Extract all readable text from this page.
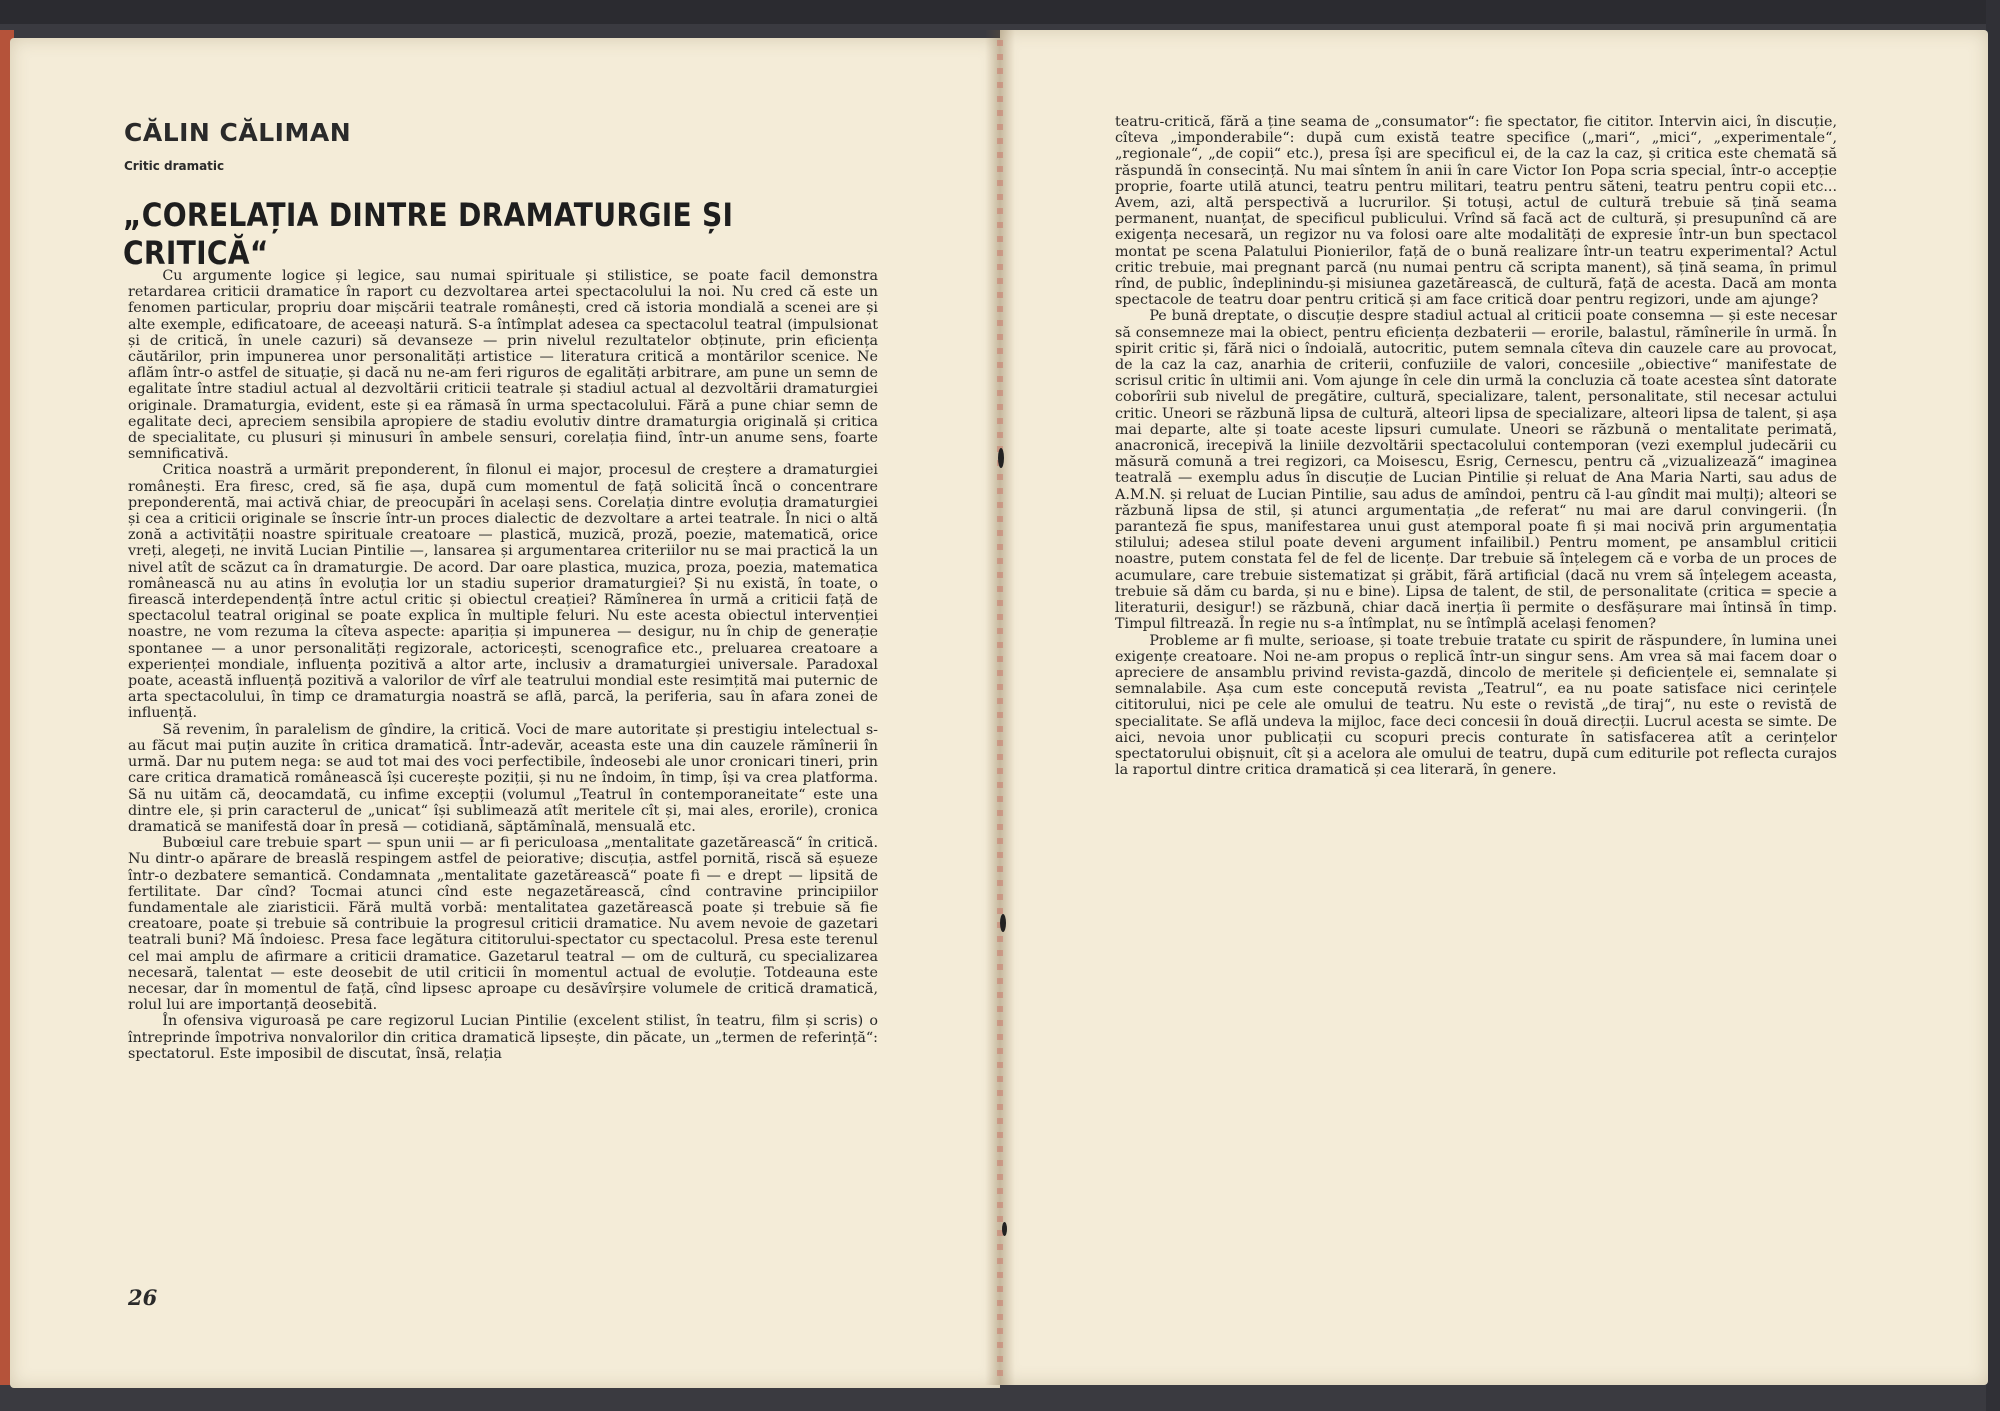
CĂLIN CĂLIMAN
Critic dramatic
„CORELAȚIA DINTRE DRAMATURGIE ȘI CRITICĂ“

Cu argumente logice și legice, sau numai spirituale și stilistice, se poate facil demonstra retardarea criticii dramatice în raport cu dezvoltarea artei spectacolului la noi. Nu cred că este un fenomen particular, propriu doar mișcării teatrale românești, cred că istoria mondială a scenei are și alte exemple, edificatoare, de aceeași natură. S-a întîmplat adesea ca spectacolul teatral (impulsionat și de critică, în unele cazuri) să devanseze — prin nivelul rezultatelor obținute, prin eficiența căutărilor, prin impunerea unor personalități artistice — literatura critică a montărilor scenice. Ne aflăm într-o astfel de situație, și dacă nu ne-am feri riguros de egalități arbitrare, am pune un semn de egalitate între stadiul actual al dezvoltării criticii teatrale și stadiul actual al dezvoltării dramaturgiei originale. Dramaturgia, evident, este și ea rămasă în urma spectacolului. Fără a pune chiar semn de egalitate deci, apreciem sensibila apropiere de stadiu evolutiv dintre dramaturgia originală și critica de specialitate, cu plusuri și minusuri în ambele sensuri, corelația fiind, într-un anume sens, foarte semnificativă.

Critica noastră a urmărit preponderent, în filonul ei major, procesul de creștere a dramaturgiei românești. Era firesc, cred, să fie așa, după cum momentul de față solicită încă o concentrare preponderentă, mai activă chiar, de preocupări în același sens. Corelația dintre evoluția dramaturgiei și cea a criticii originale se înscrie într-un proces dialectic de dezvoltare a artei teatrale. În nici o altă zonă a activității noastre spirituale creatoare — plastică, muzică, proză, poezie, matematică, orice vreți, alegeți, ne invită Lucian Pintilie —, lansarea și argumentarea criteriilor nu se mai practică la un nivel atît de scăzut ca în dramaturgie. De acord. Dar oare plastica, muzica, proza, poezia, matematica românească nu au atins în evoluția lor un stadiu superior dramaturgiei? Și nu există, în toate, o firească interdependență între actul critic și obiectul creației? Rămînerea în urmă a criticii față de spectacolul teatral original se poate explica în multiple feluri. Nu este acesta obiectul intervenției noastre, ne vom rezuma la cîteva aspecte: apariția și impunerea — desigur, nu în chip de generație spontanee — a unor personalități regizorale, actoricești, scenografice etc., preluarea creatoare a experienței mondiale, influența pozitivă a altor arte, inclusiv a dramaturgiei universale. Paradoxal poate, această influență pozitivă a valorilor de vîrf ale teatrului mondial este resimțită mai puternic de arta spectacolului, în timp ce dramaturgia noastră se află, parcă, la periferia, sau în afara zonei de influență.

Să revenim, în paralelism de gîndire, la critică. Voci de mare autoritate și prestigiu intelectual s-au făcut mai puțin auzite în critica dramatică. Într-adevăr, aceasta este una din cauzele rămînerii în urmă. Dar nu putem nega: se aud tot mai des voci perfectibile, îndeosebi ale unor cronicari tineri, prin care critica dramatică românească își cucerește poziții, și nu ne îndoim, în timp, își va crea platforma. Să nu uităm că, deocamdată, cu infime excepții (volumul „Teatrul în contemporaneitate“ este una dintre ele, și prin caracterul de „unicat“ își sublimează atît meritele cît și, mai ales, erorile), cronica dramatică se manifestă doar în presă — cotidiană, săptămînală, mensuală etc.

Bubœiul care trebuie spart — spun unii — ar fi periculoasa „mentalitate gazetărească“ în critică. Nu dintr-o apărare de breaslă respingem astfel de peiorative; discuția, astfel pornită, riscă să eșueze într-o dezbatere semantică. Condamnata „mentalitate gazetărească“ poate fi — e drept — lipsită de fertilitate. Dar cînd? Tocmai atunci cînd este negazetărească, cînd contravine principiilor fundamentale ale ziaristicii. Fără multă vorbă: mentalitatea gazetărească poate și trebuie să fie creatoare, poate și trebuie să contribuie la progresul criticii dramatice. Nu avem nevoie de gazetari teatrali buni? Mă îndoiesc. Presa face legătura cititorului-spectator cu spectacolul. Presa este terenul cel mai amplu de afirmare a criticii dramatice. Gazetarul teatral — om de cultură, cu specializarea necesară, talentat — este deosebit de util criticii în momentul actual de evoluție. Totdeauna este necesar, dar în momentul de față, cînd lipsesc aproape cu desăvîrșire volumele de critică dramatică, rolul lui are importanță deosebită.

În ofensiva viguroasă pe care regizorul Lucian Pintilie (excelent stilist, în teatru, film și scris) o întreprinde împotriva nonvalorilor din critica dramatică lipsește, din păcate, un „termen de referință“: spectatorul. Este imposibil de discutat, însă, relația

teatru-critică, fără a ține seama de „consumator“: fie spectator, fie cititor. Intervin aici, în discuție, cîteva „imponderabile“: după cum există teatre specifice („mari“, „mici“, „experimentale“, „regionale“, „de copii“ etc.), presa își are specificul ei, de la caz la caz, și critica este chemată să răspundă în consecință. Nu mai sîntem în anii în care Victor Ion Popa scria special, într-o accepție proprie, foarte utilă atunci, teatru pentru militari, teatru pentru săteni, teatru pentru copii etc... Avem, azi, altă perspectivă a lucrurilor. Și totuși, actul de cultură trebuie să țină seama permanent, nuanțat, de specificul publicului. Vrînd să facă act de cultură, și presupunînd că are exigența necesară, un regizor nu va folosi oare alte modalități de expresie într-un bun spectacol montat pe scena Palatului Pionierilor, față de o bună realizare într-un teatru experimental? Actul critic trebuie, mai pregnant parcă (nu numai pentru că scripta manent), să țină seama, în primul rînd, de public, îndeplinindu-și misiunea gazetărească, de cultură, față de acesta. Dacă am monta spectacole de teatru doar pentru critică și am face critică doar pentru regizori, unde am ajunge?

Pe bună dreptate, o discuție despre stadiul actual al criticii poate consemna — și este necesar să consemneze mai la obiect, pentru eficiența dezbaterii — erorile, balastul, rămînerile în urmă. În spirit critic și, fără nici o îndoială, autocritic, putem semnala cîteva din cauzele care au provocat, de la caz la caz, anarhia de criterii, confuziile de valori, concesiile „obiective“ manifestate de scrisul critic în ultimii ani. Vom ajunge în cele din urmă la concluzia că toate acestea sînt datorate coborîrii sub nivelul de pregătire, cultură, specializare, talent, personalitate, stil necesar actului critic. Uneori se răzbună lipsa de cultură, alteori lipsa de specializare, alteori lipsa de talent, și așa mai departe, alte și toate aceste lipsuri cumulate. Uneori se răzbună o mentalitate perimată, anacronică, irecepivă la liniile dezvoltării spectacolului contemporan (vezi exemplul judecării cu măsură comună a trei regizori, ca Moisescu, Esrig, Cernescu, pentru că „vizualizează“ imaginea teatrală — exemplu adus în discuție de Lucian Pintilie și reluat de Ana Maria Narti, sau adus de A.M.N. și reluat de Lucian Pintilie, sau adus de amîndoi, pentru că l-au gîndit mai mulți); alteori se răzbună lipsa de stil, și atunci argumentația „de referat“ nu mai are darul convingerii. (În paranteză fie spus, manifestarea unui gust atemporal poate fi și mai nocivă prin argumentația stilului; adesea stilul poate deveni argument infailibil.) Pentru moment, pe ansamblul criticii noastre, putem constata fel de fel de licențe. Dar trebuie să înțelegem că e vorba de un proces de acumulare, care trebuie sistematizat și grăbit, fără artificial (dacă nu vrem să înțelegem aceasta, trebuie să dăm cu barda, și nu e bine). Lipsa de talent, de stil, de personalitate (critica = specie a literaturii, desigur!) se răzbună, chiar dacă inerția îi permite o desfășurare mai întinsă în timp. Timpul filtrează. În regie nu s-a întîmplat, nu se întîmplă același fenomen?

Probleme ar fi multe, serioase, și toate trebuie tratate cu spirit de răspundere, în lumina unei exigențe creatoare. Noi ne-am propus o replică într-un singur sens. Am vrea să mai facem doar o apreciere de ansamblu privind revista-gazdă, dincolo de meritele și deficiențele ei, semnalate și semnalabile. Așa cum este concepută revista „Teatrul“, ea nu poate satisface nici cerințele cititorului, nici pe cele ale omului de teatru. Nu este o revistă „de tiraj“, nu este o revistă de specialitate. Se află undeva la mijloc, face deci concesii în două direcții. Lucrul acesta se simte. De aici, nevoia unor publicații cu scopuri precis conturate în satisfacerea atît a cerințelor spectatorului obișnuit, cît și a acelora ale omului de teatru, după cum editurile pot reflecta curajos la raportul dintre critica dramatică și cea literară, în genere.

26
